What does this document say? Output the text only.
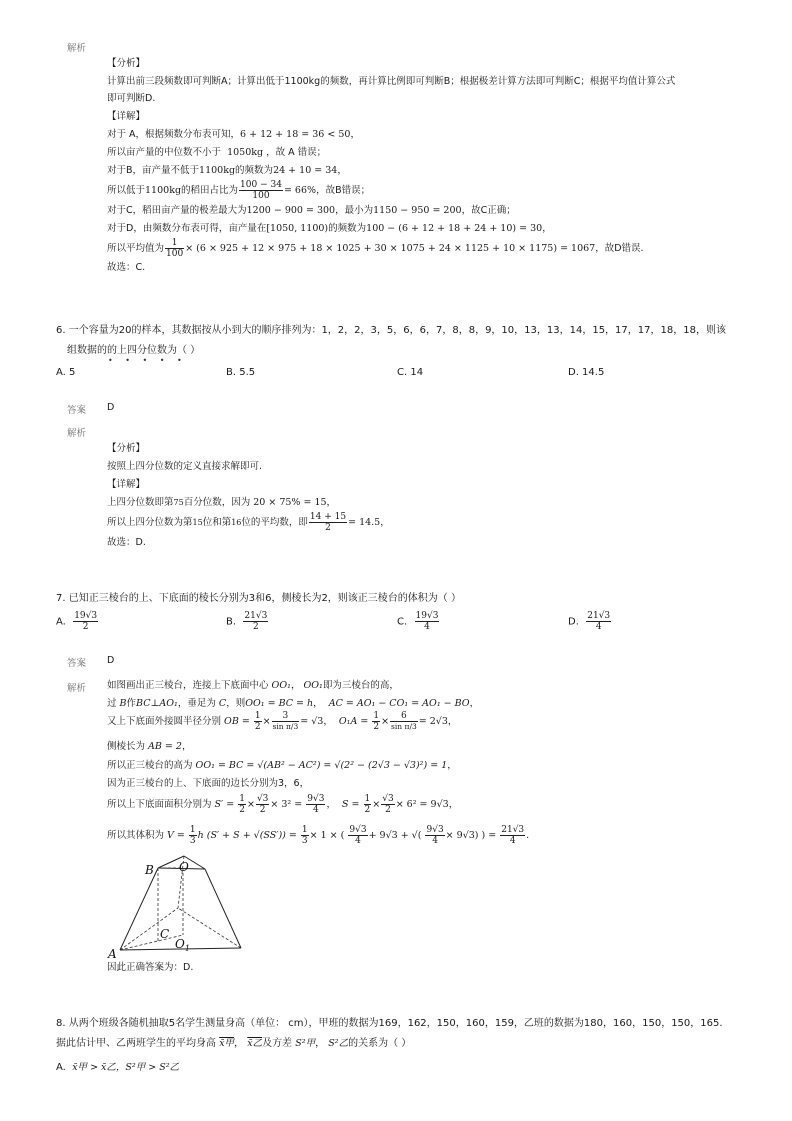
解析
【分析】
计算出前三段频数即可判断A；计算出低于1100kg的频数，再计算比例即可判断B；根据极差计算方法即可判断C；根据平均值计算公式
即可判断D.
【详解】
对于 A，根据频数分布表可知，6 + 12 + 18 = 36 < 50，
所以亩产量的中位数不小于 1050kg ，故 A 错误；
对于B，亩产量不低于1100kg的频数为24 + 10 = 34，
所以低于1100kg的稻田占比为 $\frac{100 - 34}{100} = 66\%$，故B错误；
对于C，稻田亩产量的极差最大为1200 − 900 = 300，最小为1150 − 950 = 200，故C正确；
对于D，由频数分布表可得，亩产量在[1050, 1100)的频数为100 − (6 + 12 + 18 + 24 + 10) = 30，
所以平均值为 $\frac{1}{100} \times (6 \times 925 + 12 \times 975 + 18 \times 1025 + 30 \times 1075 + 24 \times 1125 + 10 \times 1175) = 1067$，故D错误.
故选：C.
6. 一个容量为20的样本，其数据按从小到大的顺序排列为：1，2，2，3，5，6，6，7，8，8，9，10，13，13，14，15，17，17，18，18，则该
组数据的的上四分位数为（ ）
• • • • •
A. 5	B. 5.5	C. 14	D. 14.5
答案 D
解析
【分析】
按照上四分位数的定义直接求解即可.
【详解】
上四分位数即第75百分位数，因为 20 × 75% = 15，
所以上四分位数为第15位和第16位的平均数，即 $\frac{14 + 15}{2} = 14.5$，
故选：D.
7. 已知正三棱台的上、下底面的棱长分别为3和6，侧棱长为2，则该正三棱台的体积为（ ）
A. $\frac{19√3}{2}$	B. $\frac{21√3}{2}$	C. $\frac{19√3}{4}$	D. $\frac{21√3}{4}$
答案 D
解析 如图画出正三棱台，连接上下底面中心 OO₁， OO₁即为三棱台的高，
过 B作BC⊥AO₁，垂足为 C，则OO₁ = BC = h， AC = AO₁ − CO₁ = AO₁ − BO，
又上下底面外接圆半径分别 OB = $\frac{1}{2} \times \frac{3}{\text{sin π/3}} = √3$， $O_1A = \frac{1}{2} \times \frac{6}{\text{sin π/3}} = 2√3$，
侧棱长为 AB = 2，
所以正三棱台的高为 OO₁ = BC = √(AB² − AC²) = √(2² − (2√3 − √3)²) = 1，
因为正三棱台的上、下底面的边长分别为3，6，
所以上下底面面积分别为 $S' = \frac{1}{2} \times \frac{√3}{2} \times 3^2 = \frac{9√3}{4}$ ， $S = \frac{1}{2} \times \frac{√3}{2} \times 6^2 = 9√3$，
所以其体积为 $V = \frac{1}{3}$ h $(S' + S + √(SS')) = \frac{1}{3} \times 1$ × ( $\frac{9√3}{4} + 9√3$ + √( $\frac{9√3}{4} \times 9√3$) ) = $\frac{21√3}{4}$ .
B O
C
$O_1$
A
因此正确答案为：D.
8. 从两个班级各随机抽取5名学生测量身高（单位： cm），甲班的数据为169，162，150，160，159，乙班的数据为180，160，150，150，165.
据此估计甲、乙两班学生的平均身高 x̄甲， x̄乙及方差 S²甲， S²乙的关系为（ ）
A. x̄甲 > x̄乙，S²甲 > S²乙
